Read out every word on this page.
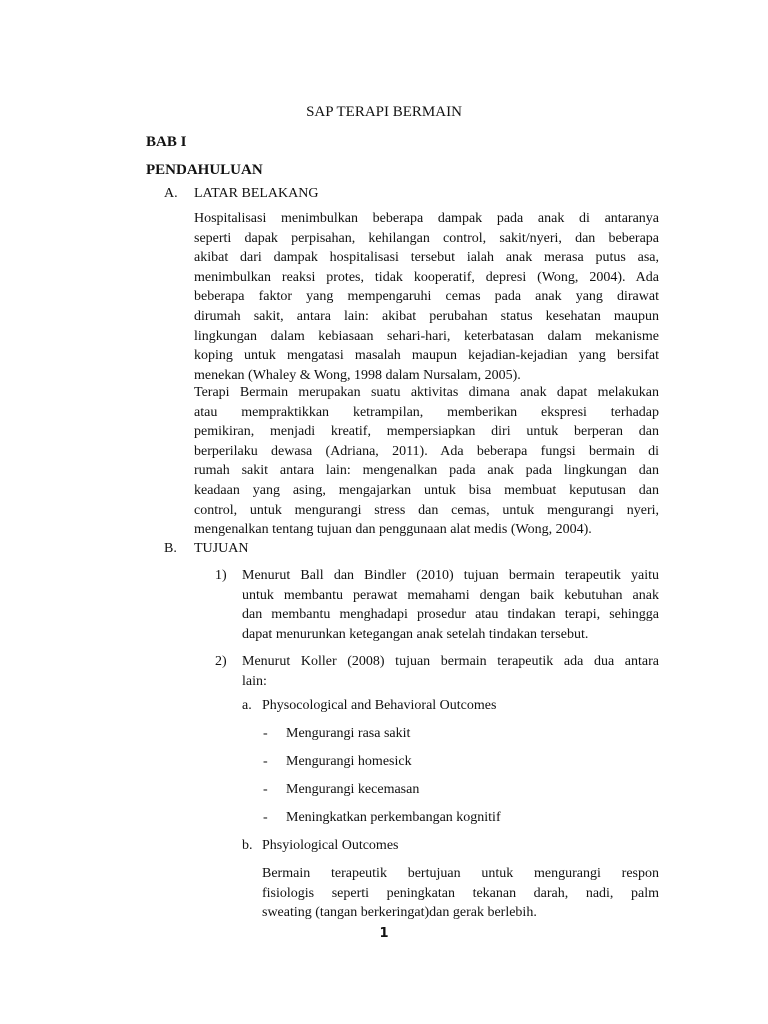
SAP TERAPI BERMAIN
BAB I
PENDAHULUAN
A. LATAR BELAKANG
Hospitalisasi menimbulkan beberapa dampak pada anak di antaranya
seperti dapak perpisahan, kehilangan control, sakit/nyeri, dan beberapa
akibat dari dampak hospitalisasi tersebut ialah anak merasa putus asa,
menimbulkan reaksi protes, tidak kooperatif, depresi (Wong, 2004). Ada
beberapa faktor yang mempengaruhi cemas pada anak yang dirawat
dirumah sakit, antara lain: akibat perubahan status kesehatan maupun
lingkungan dalam kebiasaan sehari-hari, keterbatasan dalam mekanisme
koping untuk mengatasi masalah maupun kejadian-kejadian yang bersifat
menekan (Whaley & Wong, 1998 dalam Nursalam, 2005).
Terapi Bermain merupakan suatu aktivitas dimana anak dapat melakukan
atau mempraktikkan ketrampilan, memberikan ekspresi terhadap
pemikiran, menjadi kreatif, mempersiapkan diri untuk berperan dan
berperilaku dewasa (Adriana, 2011). Ada beberapa fungsi bermain di
rumah sakit antara lain: mengenalkan pada anak pada lingkungan dan
keadaan yang asing, mengajarkan untuk bisa membuat keputusan dan
control, untuk mengurangi stress dan cemas, untuk mengurangi nyeri,
mengenalkan tentang tujuan dan penggunaan alat medis (Wong, 2004).
B. TUJUAN
1) Menurut Ball dan Bindler (2010) tujuan bermain terapeutik yaitu
untuk membantu perawat memahami dengan baik kebutuhan anak
dan membantu menghadapi prosedur atau tindakan terapi, sehingga
dapat menurunkan ketegangan anak setelah tindakan tersebut.
2) Menurut Koller (2008) tujuan bermain terapeutik ada dua antara
lain:
a. Physocological and Behavioral Outcomes
- Mengurangi rasa sakit
- Mengurangi homesick
- Mengurangi kecemasan
- Meningkatkan perkembangan kognitif
b. Phsyiological Outcomes
Bermain terapeutik bertujuan untuk mengurangi respon
fisiologis seperti peningkatan tekanan darah, nadi, palm
sweating (tangan berkeringat)dan gerak berlebih.
1
